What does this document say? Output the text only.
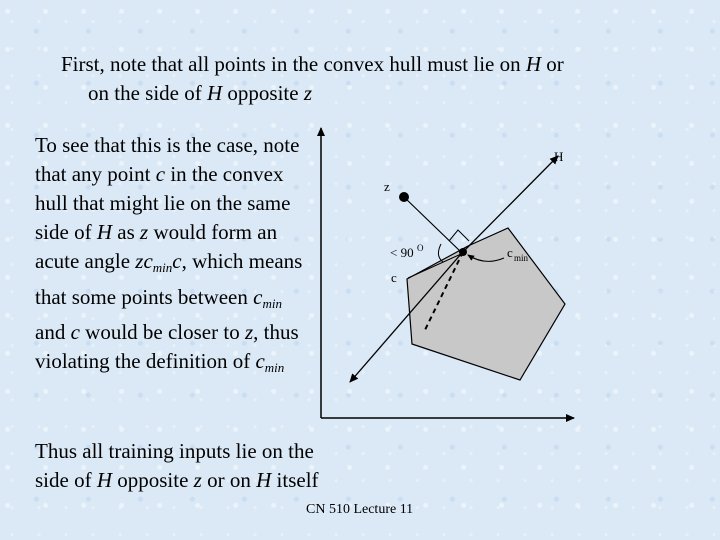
First, note that all points in the convex hull must lie on H or
on the side of H opposite z
To see that this is the case, note that any point c in the convex hull that might lie on the same side of H as z would form an acute angle $zc_{min}c$, which means that some points between $c_{min}$ and c would be closer to z, thus violating the definition of $c_{min}$
Thus all training inputs lie on the side of H opposite z or on H itself
H
z
< 90 O
c
c min
CN 510 Lecture 11
